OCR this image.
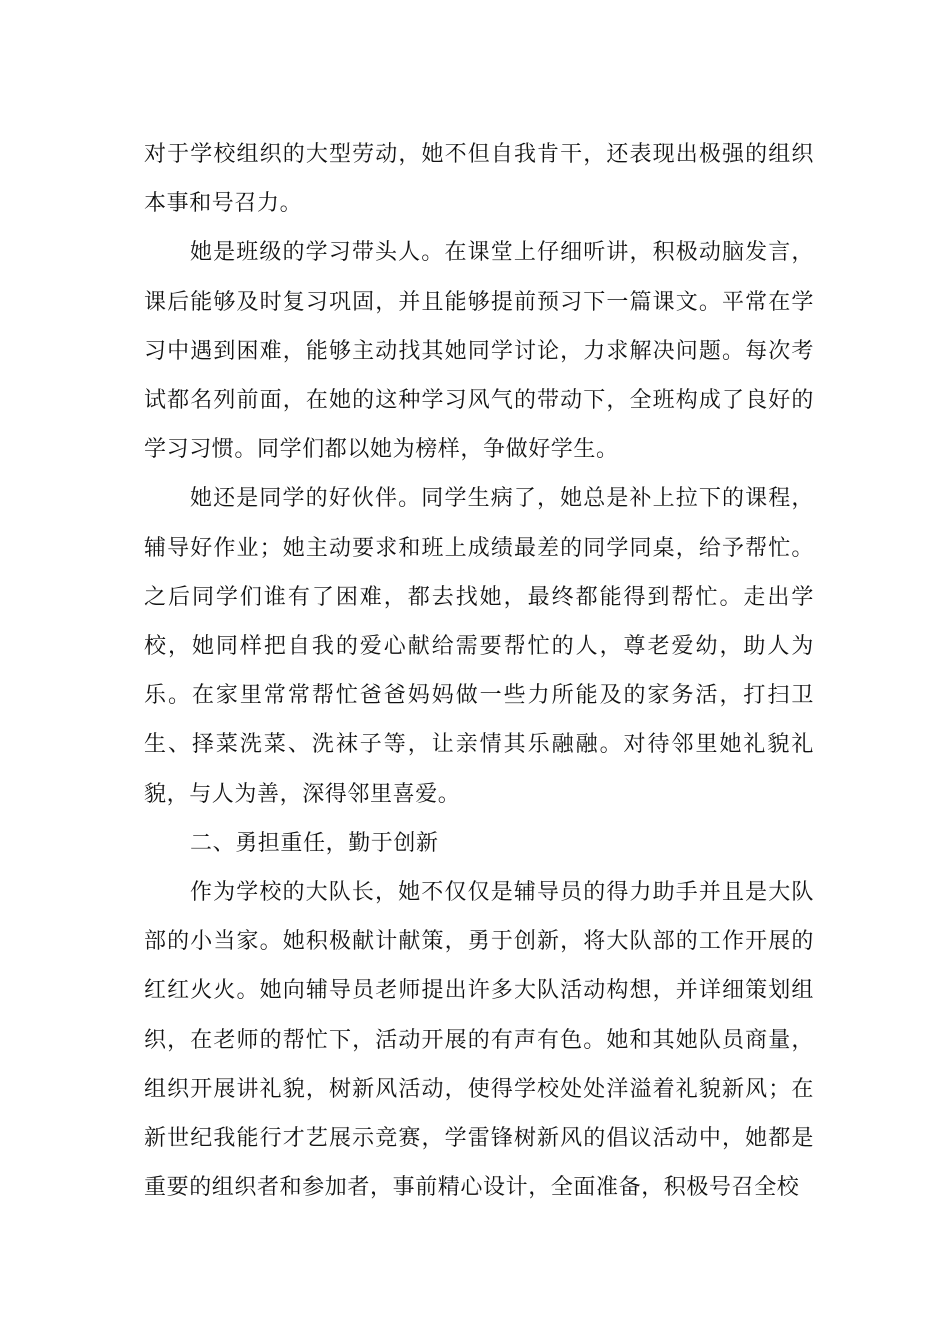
对于学校组织的大型劳动，她不但自我肯干，还表现出极强的组织本事和号召力。

她是班级的学习带头人。在课堂上仔细听讲，积极动脑发言，课后能够及时复习巩固，并且能够提前预习下一篇课文。平常在学习中遇到困难，能够主动找其她同学讨论，力求解决问题。每次考试都名列前面，在她的这种学习风气的带动下，全班构成了良好的学习习惯。同学们都以她为榜样，争做好学生。

她还是同学的好伙伴。同学生病了，她总是补上拉下的课程，辅导好作业；她主动要求和班上成绩最差的同学同桌，给予帮忙。之后同学们谁有了困难，都去找她，最终都能得到帮忙。走出学校，她同样把自我的爱心献给需要帮忙的人，尊老爱幼，助人为乐。在家里常常帮忙爸爸妈妈做一些力所能及的家务活，打扫卫生、择菜洗菜、洗袜子等，让亲情其乐融融。对待邻里她礼貌礼貌，与人为善，深得邻里喜爱。

二、勇担重任，勤于创新

作为学校的大队长，她不仅仅是辅导员的得力助手并且是大队部的小当家。她积极献计献策，勇于创新，将大队部的工作开展的红红火火。她向辅导员老师提出许多大队活动构想，并详细策划组织，在老师的帮忙下，活动开展的有声有色。她和其她队员商量，组织开展讲礼貌，树新风活动，使得学校处处洋溢着礼貌新风；在新世纪我能行才艺展示竞赛，学雷锋树新风的倡议活动中，她都是重要的组织者和参加者，事前精心设计，全面准备，积极号召全校
